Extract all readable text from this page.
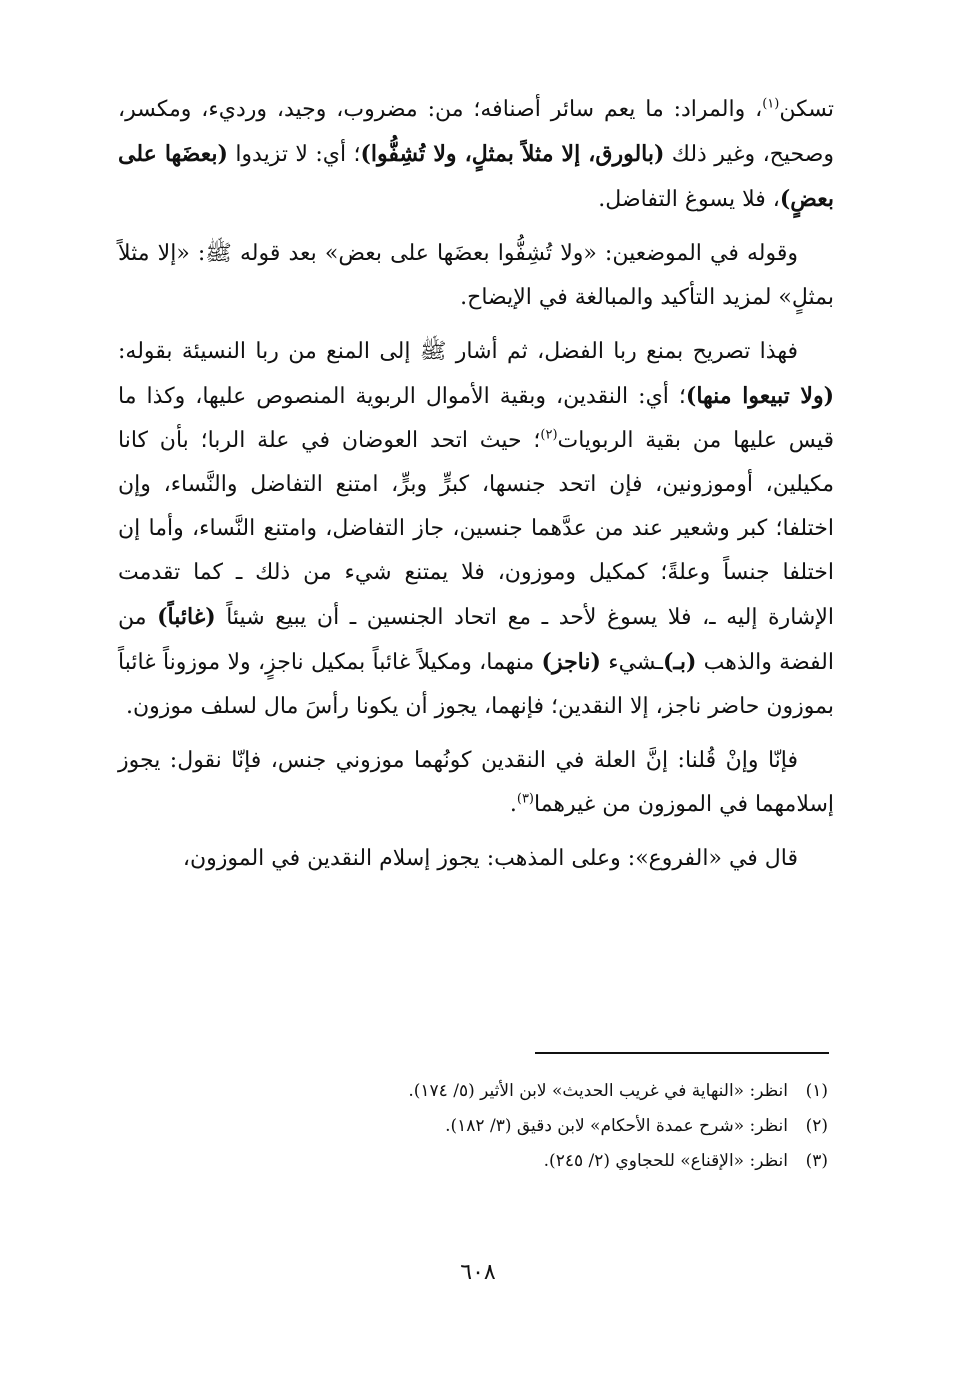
تسكن$^{(١)}$، والمراد: ما يعم سائر أصنافه؛ من: مضروب، وجيد، ورديء، ومكسر، وصحيح، وغير ذلك (بالورق، إلا مثلاً بمثلٍ، ولا تُشِفُّوا)؛ أي: لا تزيدوا (بعضَها على بعضٍ)، فلا يسوغ التفاضل.

وقوله في الموضعين: «ولا تُشِفُّوا بعضَها على بعض» بعد قوله ﷺ: «إلا مثلاً بمثلٍ» لمزيد التأكيد والمبالغة في الإيضاح.

فهذا تصريح بمنع ربا الفضل، ثم أشار ﷺ إلى المنع من ربا النسيئة بقوله: (ولا تبيعوا منها)؛ أي: النقدين، وبقية الأموال الربوية المنصوص عليها، وكذا ما قيس عليها من بقية الربويات$^{(٢)}$؛ حيث اتحد العوضان في علة الربا؛ بأن كانا مكيلين، أوموزونين، فإن اتحد جنسها، كبرٍّ وبرٍّ، امتنع التفاضل والنَّساء، وإن اختلفا؛ كبر وشعير عند من عدَّهما جنسين، جاز التفاضل، وامتنع النَّساء، وأما إن اختلفا جنساً وعلةً؛ كمكيل وموزون، فلا يمتنع شيء من ذلك ـ كما تقدمت الإشارة إليه ـ، فلا يسوغ لأحد ـ مع اتحاد الجنسين ـ أن يبيع شيئاً (غائباً) من الفضة والذهب (بـ)ـشيء (ناجز) منهما، ومكيلاً غائباً بمكيل ناجزٍ، ولا موزوناً غائباً بموزون حاضر ناجز، إلا النقدين؛ فإنهما، يجوز أن يكونا رأسَ مال لسلف موزون.

فإنّا وإنْ قُلنا: إنَّ العلة في النقدين كونُهما موزوني جنس، فإنّا نقول: يجوز إسلامهما في الموزون من غيرهما$^{(٣)}$.

قال في «الفروع»: وعلى المذهب: يجوز إسلام النقدين في الموزون،

(١)انظر: «النهاية في غريب الحديث» لابن الأثير (٥/ ١٧٤).
(٢)انظر: «شرح عمدة الأحكام» لابن دقيق (٣/ ١٨٢).
(٣)انظر: «الإقناع» للحجاوي (٢/ ٢٤٥).
٦٠٨
